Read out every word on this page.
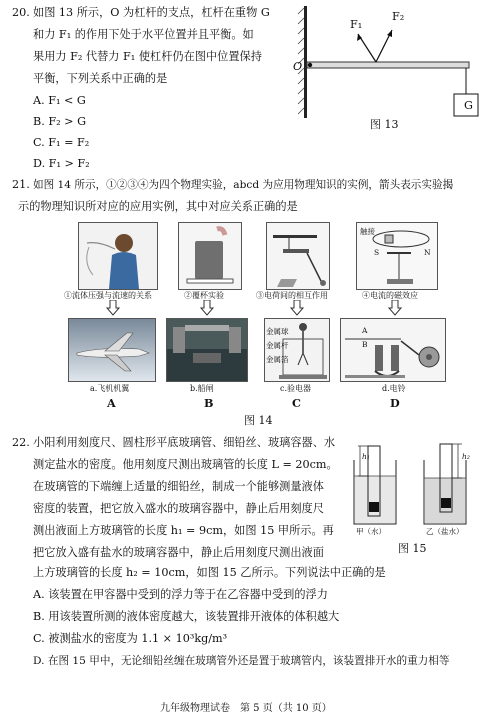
20. 如图 13 所示，O 为杠杆的支点，杠杆在重物 G
和力 F₁ 的作用下处于水平位置并且平衡。如
果用力 F₂ 代替力 F₁ 使杠杆仍在图中位置保持
平衡，下列关系中正确的是
A. F₁ < G
B. F₂ > G
C. F₁ = F₂
D. F₁ > F₂
F₁
F₂
O
G
图 13
21. 如图 14 所示，①②③④为四个物理实验，abcd 为应用物理知识的实例，箭头表示实验揭
示的物理知识所对应的应用实例，其中对应关系正确的是
触接
S	N
①流体压强与流速的关系	②覆杯实验	③电荷间的相互作用	④电流的磁效应
金属球
金属杆
金属箔
A
B
a.飞机机翼	b.船闸	c.验电器	d.电铃
A	B	C	D
图 14
22. 小阳利用刻度尺、圆柱形平底玻璃管、细铅丝、玻璃容器、水
测定盐水的密度。他用刻度尺测出玻璃管的长度 L = 20cm。
在玻璃管的下端缠上适量的细铅丝，制成一个能够测量液体
密度的装置，把它放入盛水的玻璃容器中，静止后用刻度尺
测出液面上方玻璃管的长度 h₁ = 9cm，如图 15 甲所示。再
把它放入盛有盐水的玻璃容器中，静止后用刻度尺测出液面
上方玻璃管的长度 h₂ = 10cm，如图 15 乙所示。下列说法中正确的是
A. 该装置在甲容器中受到的浮力等于在乙容器中受到的浮力
B. 用该装置所测的液体密度越大，该装置排开液体的体积越大
C. 被测盐水的密度为 1.1 × 10³kg/m³
D. 在图 15 甲中，无论细铅丝缠在玻璃管外还是置于玻璃管内，该装置排开水的重力相等
h₁	h₂
甲（水）	乙（盐水）
图 15
九年级物理试卷　第 5 页（共 10 页）
